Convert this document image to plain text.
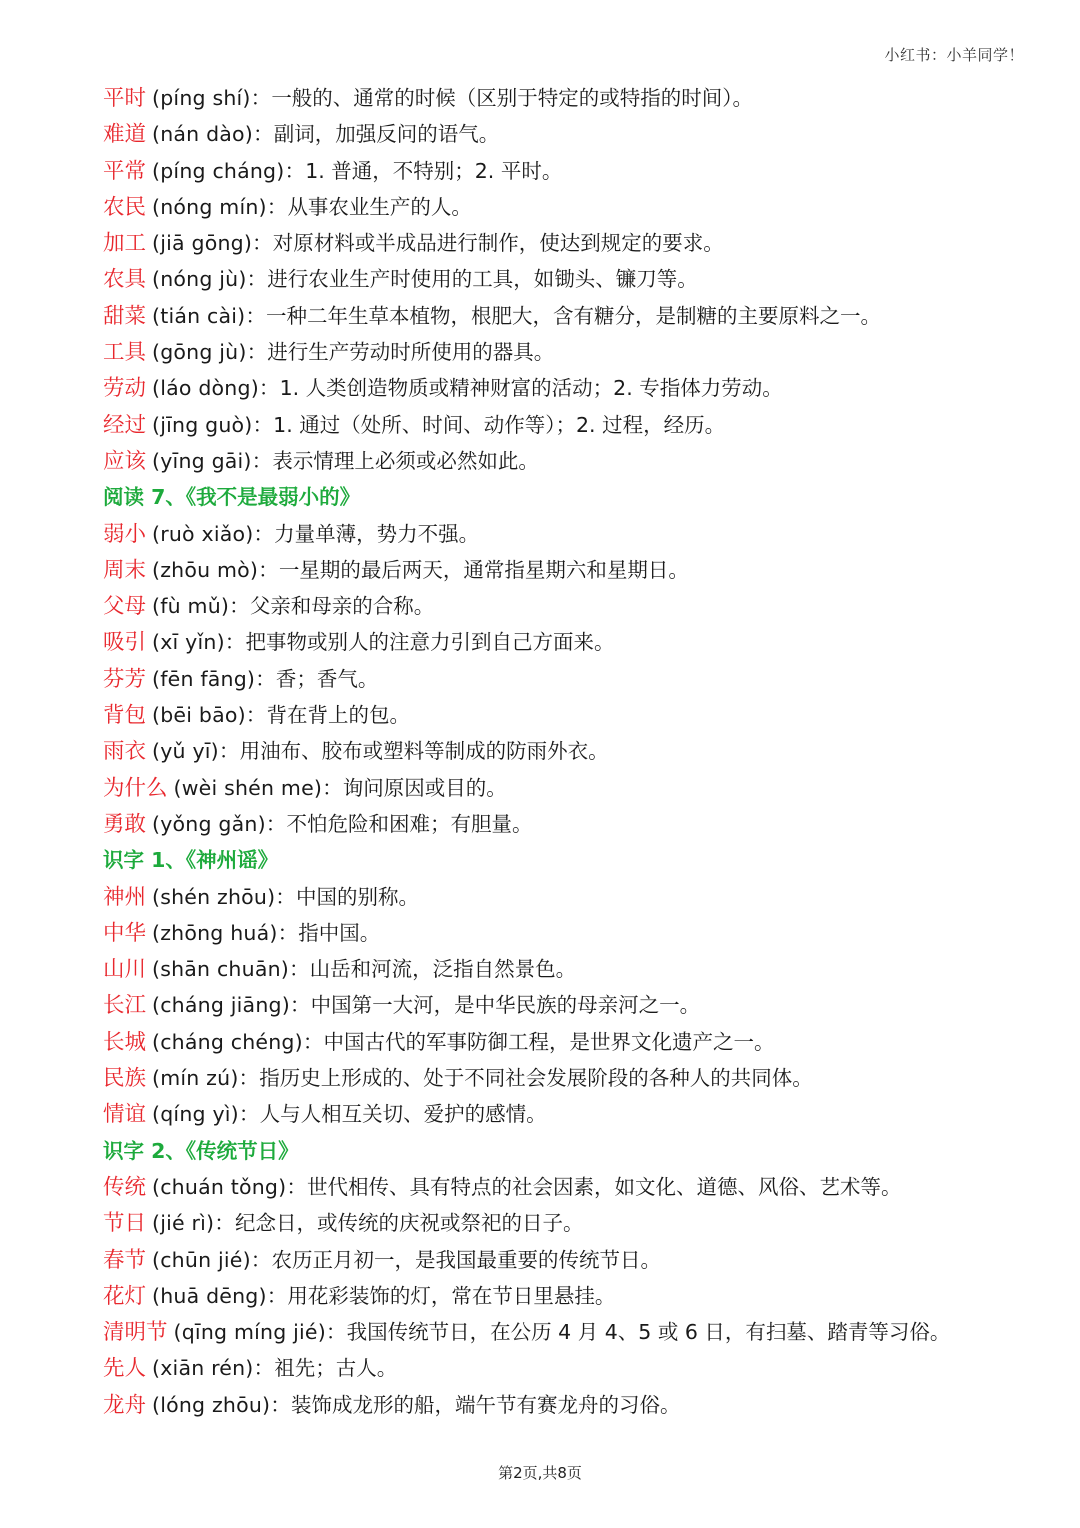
小红书：小羊同学！
平时 (píng shí)：一般的、通常的时候（区别于特定的或特指的时间）。
难道 (nán dào)：副词，加强反问的语气。
平常 (píng cháng)：1. 普通，不特别；2. 平时。
农民 (nóng mín)：从事农业生产的人。
加工 (jiā gōng)：对原材料或半成品进行制作，使达到规定的要求。
农具 (nóng jù)：进行农业生产时使用的工具，如锄头、镰刀等。
甜菜 (tián cài)：一种二年生草本植物，根肥大，含有糖分，是制糖的主要原料之一。
工具 (gōng jù)：进行生产劳动时所使用的器具。
劳动 (láo dòng)：1. 人类创造物质或精神财富的活动；2. 专指体力劳动。
经过 (jīng guò)：1. 通过（处所、时间、动作等）；2. 过程，经历。
应该 (yīng gāi)：表示情理上必须或必然如此。
阅读 7、《我不是最弱小的》
弱小 (ruò xiǎo)：力量单薄，势力不强。
周末 (zhōu mò)：一星期的最后两天，通常指星期六和星期日。
父母 (fù mǔ)：父亲和母亲的合称。
吸引 (xī yǐn)：把事物或别人的注意力引到自己方面来。
芬芳 (fēn fāng)：香；香气。
背包 (bēi bāo)：背在背上的包。
雨衣 (yǔ yī)：用油布、胶布或塑料等制成的防雨外衣。
为什么 (wèi shén me)：询问原因或目的。
勇敢 (yǒng gǎn)：不怕危险和困难；有胆量。
识字 1、《神州谣》
神州 (shén zhōu)：中国的别称。
中华 (zhōng huá)：指中国。
山川 (shān chuān)：山岳和河流，泛指自然景色。
长江 (cháng jiāng)：中国第一大河，是中华民族的母亲河之一。
长城 (cháng chéng)：中国古代的军事防御工程，是世界文化遗产之一。
民族 (mín zú)：指历史上形成的、处于不同社会发展阶段的各种人的共同体。
情谊 (qíng yì)：人与人相互关切、爱护的感情。
识字 2、《传统节日》
传统 (chuán tǒng)：世代相传、具有特点的社会因素，如文化、道德、风俗、艺术等。
节日 (jié rì)：纪念日，或传统的庆祝或祭祀的日子。
春节 (chūn jié)：农历正月初一，是我国最重要的传统节日。
花灯 (huā dēng)：用花彩装饰的灯，常在节日里悬挂。
清明节 (qīng míng jié)：我国传统节日，在公历 4 月 4、5 或 6 日，有扫墓、踏青等习俗。
先人 (xiān rén)：祖先；古人。
龙舟 (lóng zhōu)：装饰成龙形的船，端午节有赛龙舟的习俗。
第2页,共8页
